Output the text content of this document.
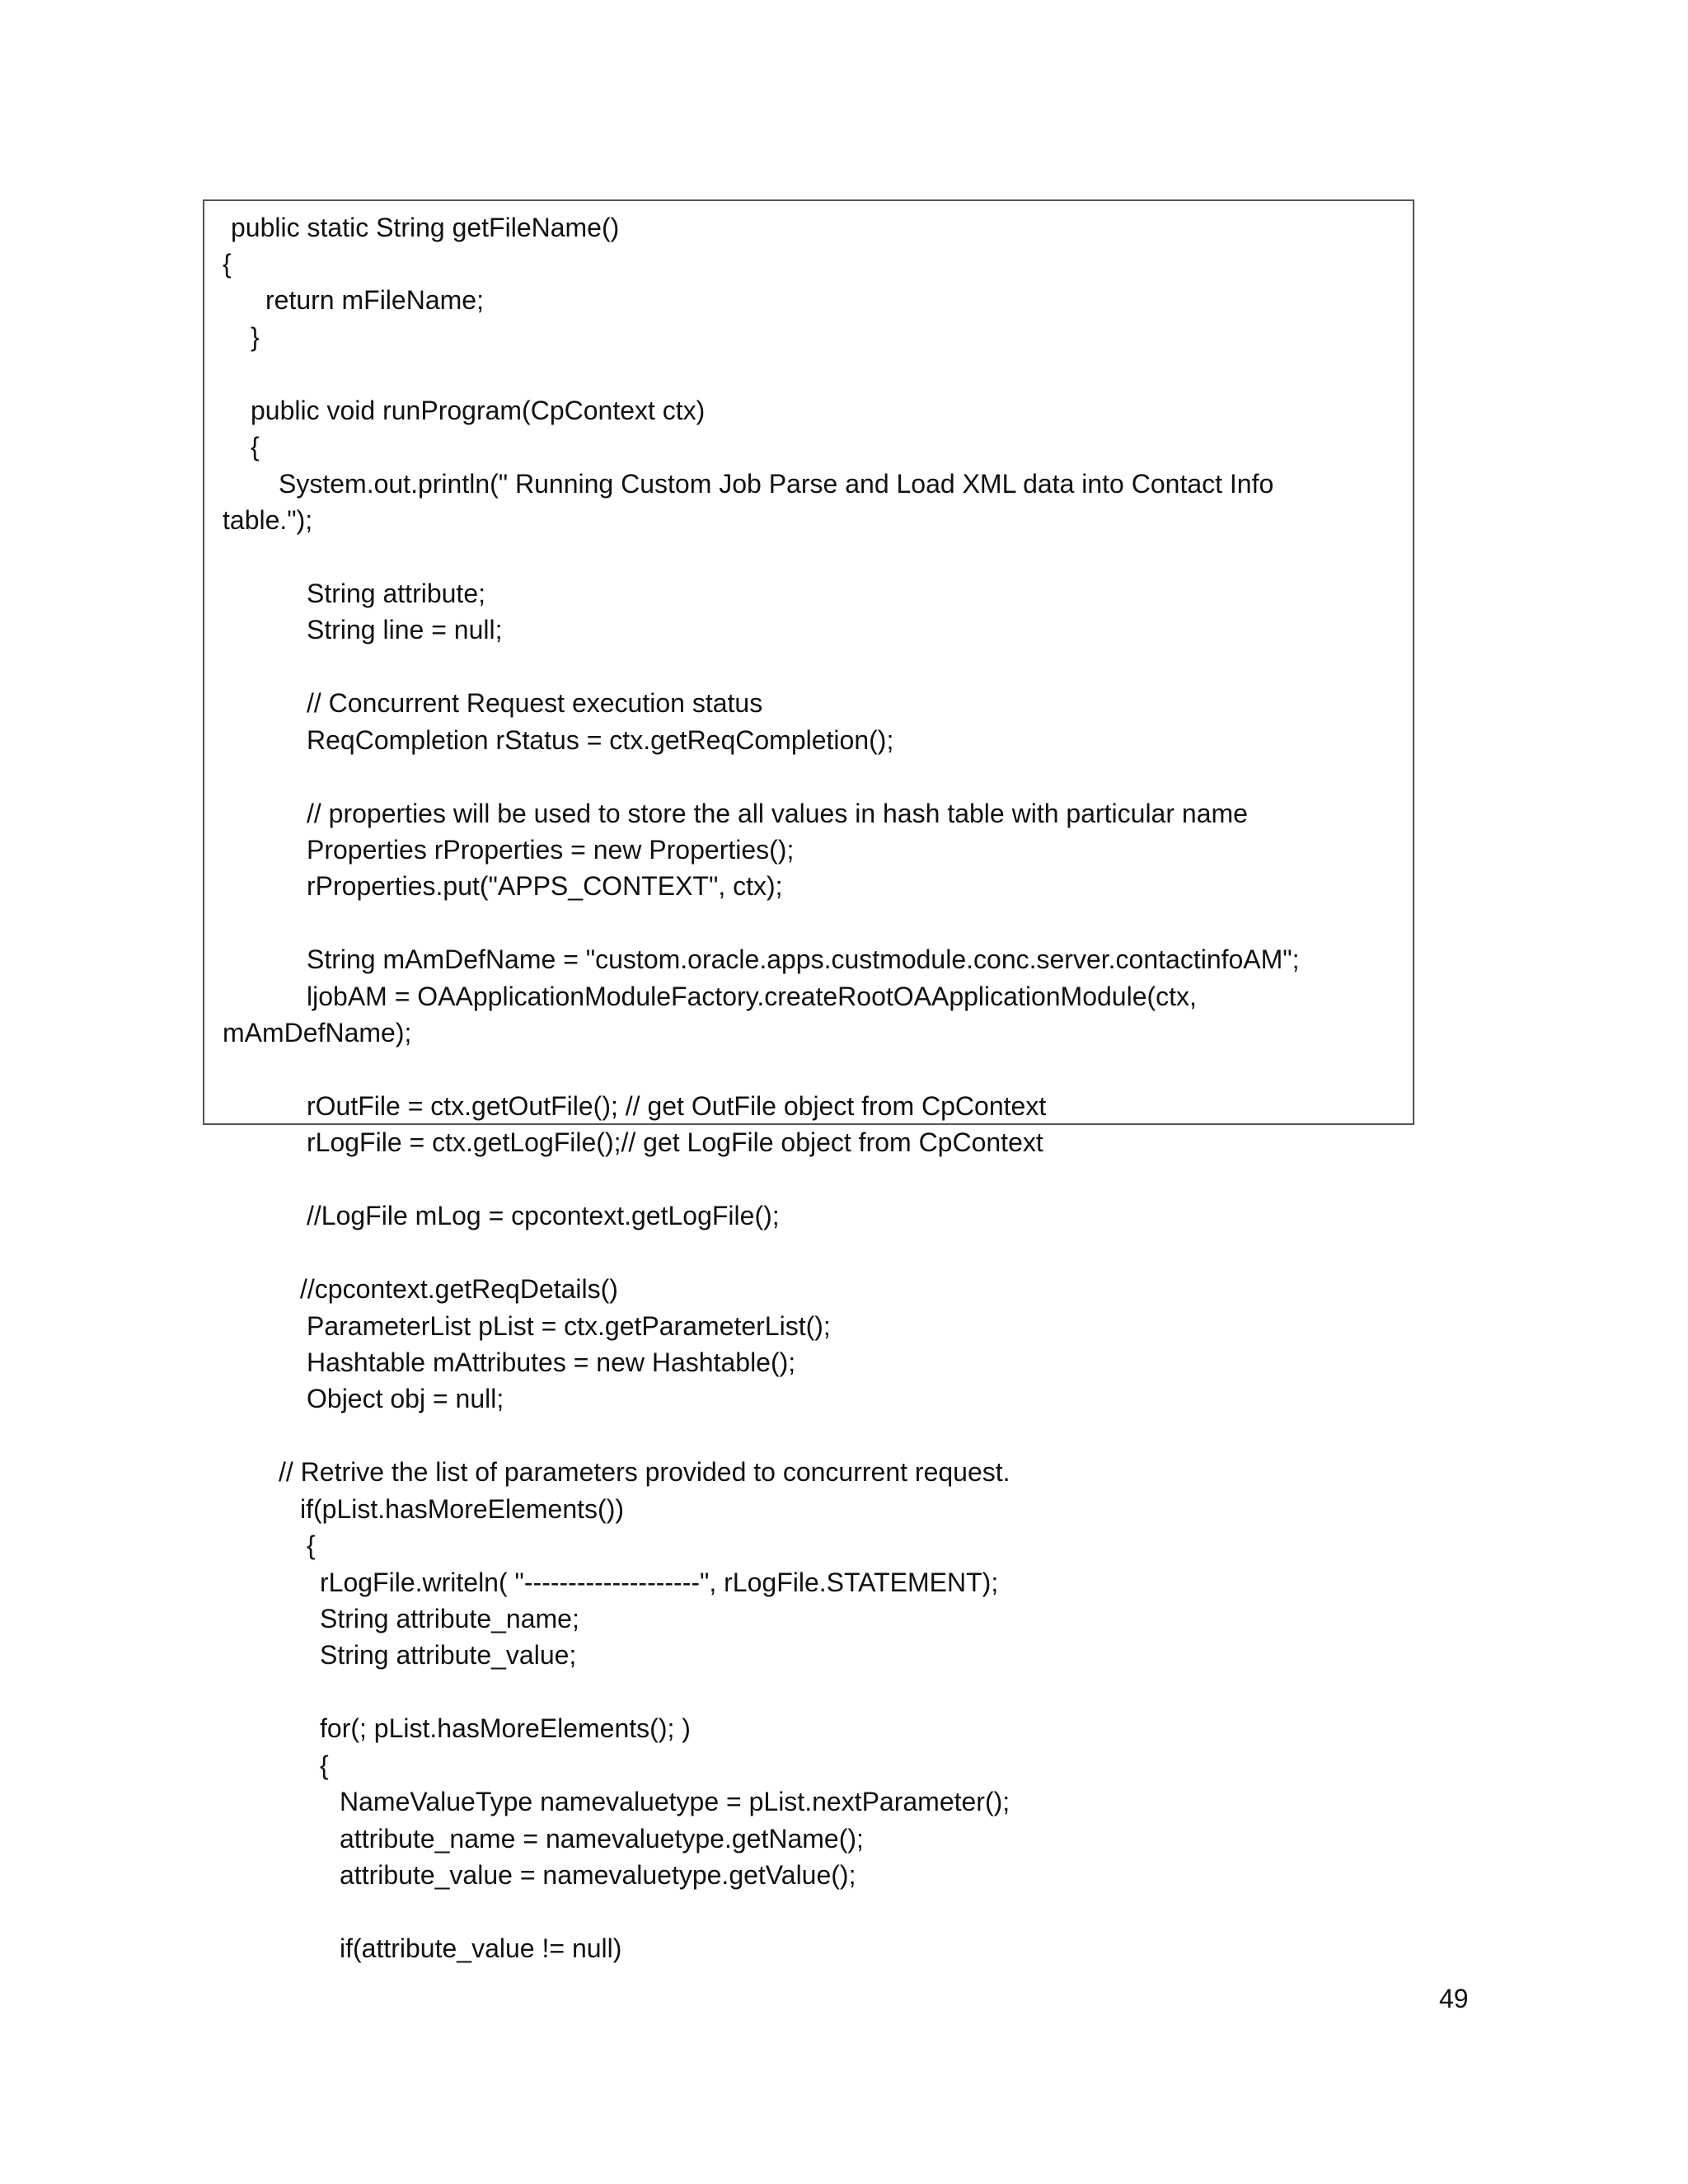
public static String getFileName()
{
return mFileName;
}
public void runProgram(CpContext ctx)
{
System.out.println(" Running Custom Job Parse and Load XML data into Contact Info
table.");
String attribute;
String line = null;
// Concurrent Request execution status
ReqCompletion rStatus = ctx.getReqCompletion();
// properties will be used to store the all values in hash table with particular name
Properties rProperties = new Properties();
rProperties.put("APPS_CONTEXT", ctx);
String mAmDefName = "custom.oracle.apps.custmodule.conc.server.contactinfoAM";
ljobAM = OAApplicationModuleFactory.createRootOAApplicationModule(ctx,
mAmDefName);
rOutFile = ctx.getOutFile(); // get OutFile object from CpContext
rLogFile = ctx.getLogFile();// get LogFile object from CpContext
//LogFile mLog = cpcontext.getLogFile();
//cpcontext.getReqDetails()
ParameterList pList = ctx.getParameterList();
Hashtable mAttributes = new Hashtable();
Object obj = null;
// Retrive the list of parameters provided to concurrent request.
if(pList.hasMoreElements())
{
rLogFile.writeln( "--------------------", rLogFile.STATEMENT);
String attribute_name;
String attribute_value;
for(; pList.hasMoreElements(); )
{
NameValueType namevaluetype = pList.nextParameter();
attribute_name = namevaluetype.getName();
attribute_value = namevaluetype.getValue();
if(attribute_value != null)
49
